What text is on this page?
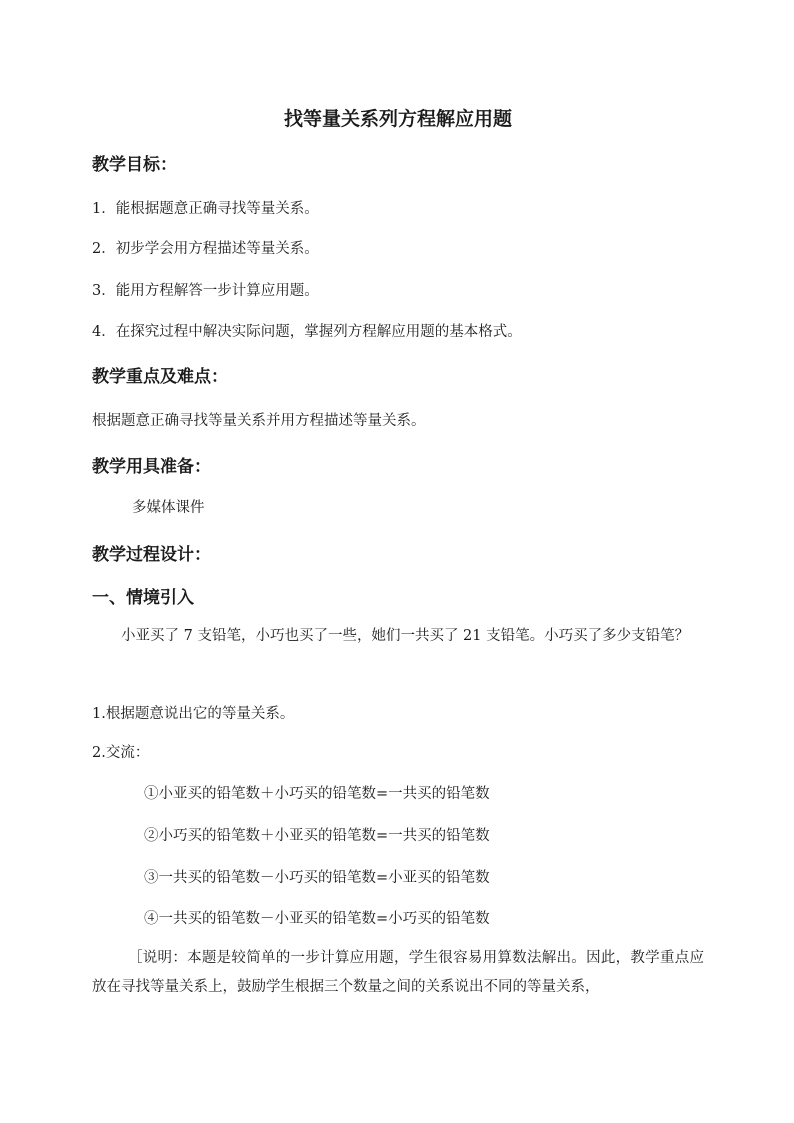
找等量关系列方程解应用题
教学目标：

1．能根据题意正确寻找等量关系。

2．初步学会用方程描述等量关系。

3．能用方程解答一步计算应用题。

4．在探究过程中解决实际问题，掌握列方程解应用题的基本格式。

教学重点及难点：

根据题意正确寻找等量关系并用方程描述等量关系。

教学用具准备：

多媒体课件

教学过程设计：
一、情境引入

小亚买了 7 支铅笔，小巧也买了一些，她们一共买了 21 支铅笔。小巧买了多少支铅笔？

1.根据题意说出它的等量关系。

2.交流：

①小亚买的铅笔数＋小巧买的铅笔数=一共买的铅笔数

②小巧买的铅笔数＋小亚买的铅笔数=一共买的铅笔数

③一共买的铅笔数－小巧买的铅笔数=小亚买的铅笔数

④一共买的铅笔数－小亚买的铅笔数=小巧买的铅笔数

［说明：本题是较简单的一步计算应用题，学生很容易用算数法解出。因此，教学重点应放在寻找等量关系上，鼓励学生根据三个数量之间的关系说出不同的等量关系，
